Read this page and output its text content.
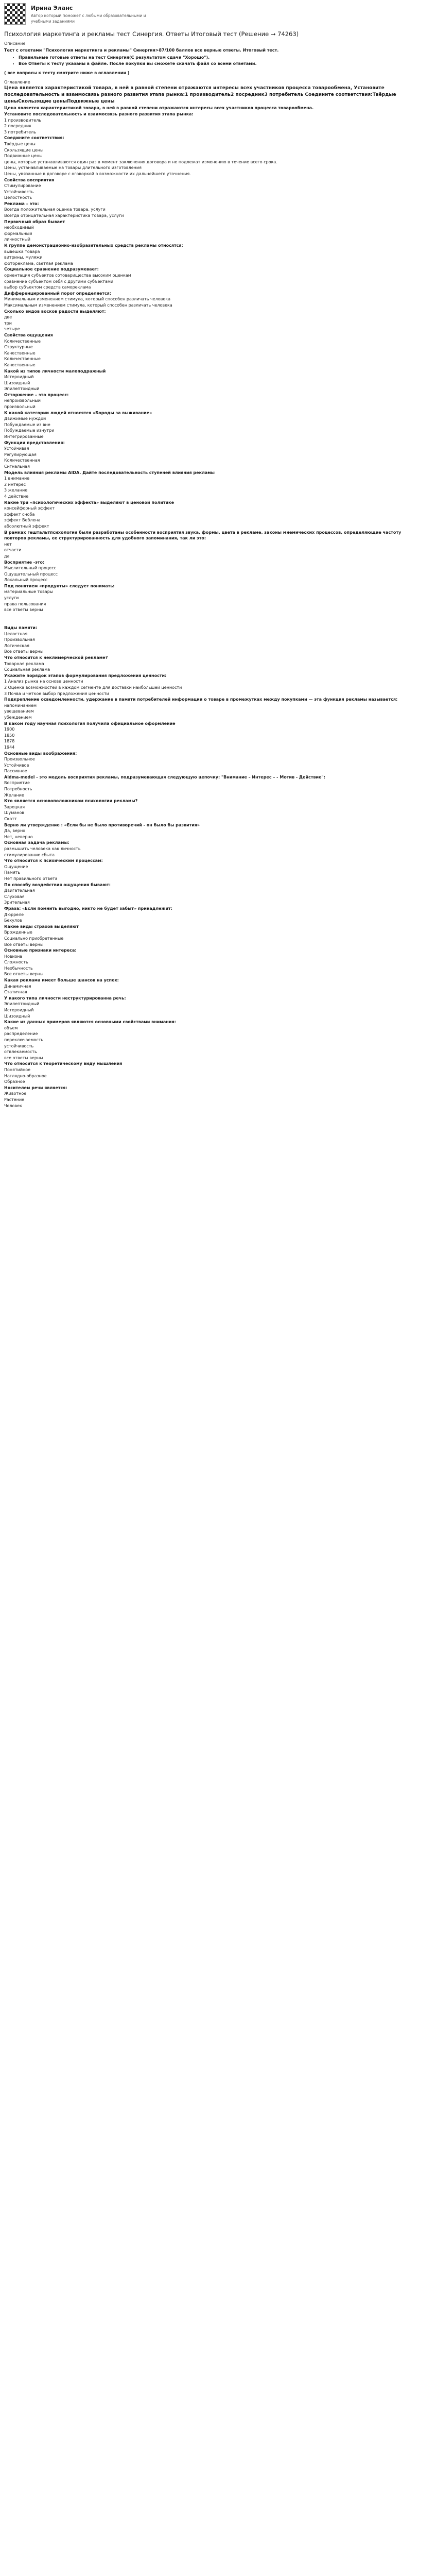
Ирина Эланс
Автор который поможет с любыми образовательными и учебными заданиями
Психология маркетинга и рекламы тест Синергия. Ответы Итоговый тест (Решение → 74263)
Описание
Тест с ответами "Психология маркетинга и рекламы" Синергия>87/100 баллов все верные ответы. Итоговый тест.
• Правильные готовые ответы на тест Синергия(С результатом сдачи "Хорошо").
• Все Ответы к тесту указаны в файле. После покупки вы сможете скачать файл со всеми ответами.
( все вопросы к тесту смотрите ниже в оглавлении )
Оглавление
Цена является характеристикой товара, в ней в равной степени отражаются интересы всех участников процесса товарообмена, Установите последовательность и взаимосвязь разного развития этапа рынка:1 производитель2 посредник3 потребитель Соедините соответствия:Твёрдые ценыСкользящие ценыПодвижные цены
Цена является характеристикой товара, в ней в равной степени отражаются интересы всех участников процесса товарообмена.
Установите последовательность и взаимосвязь разного развития этапа рынка:
1 производитель
2 посредник
3 потребитель
Соедините соответствия:
Твёрдые цены
Скользящие цены
Подвижные цены
цены, которые устанавливаются один раз в момент заключения договора и не подлежат изменению в течение всего срока.
Цены, устанавливаемые на товары длительного изготовления
Цены, увязанные в договоре с оговоркой о возможности их дальнейшего уточнения.
Свойства восприятия
Стимулирование
Устойчивость
Целостность
Реклама – это:
Всегда положительная оценка товара, услуги
Всегда отрицательная характеристика товара, услуги
Первичный образ бывает
необходимый
формальный
личностный
К группе демонстрационно-изобразительных средств рекламы относятся:
вывешка товара
витрины, муляжи
фотореклама, светлая реклама
Социальное сравнение подразумевает:
ориентация субъектов сотоварищества высоким оценкам
сравнение субъектом себя с другими субъектами
выбор субъектом средств самореклама
Дифференцированный порог определяется:
Минимальным изменением стимула, который способен различать человека
Максимальным изменением стимула, который способен различать человека
Сколько видов восков радости выделяют:
две
три
четыре
Свойства ощущения
Количественные
Структурные
Качественные
Количественные
Качественные
Какой из типов личности малоподражный
Истероидный
Шизоидный
Эпилептоидный
Отторжение – это процесс:
непроизвольный
произвольный
К какой категории людей относятся «Бороды за выживание»
Движимые нуждой
Побуждаемые из вне
Побуждаемые изнутри
Интегрированные
Функции представления:
Устойчивая
Регулирующая
Количественная
Сигнальная
Модель влияния рекламы AIDA. Дайте последовательность ступеней влияния рекламы
1 внимание
2 интерес
3 желание
4 действие
Какие три «психологических эффекта» выделяют в ценовой политике
консейфорный эффект
эффект сноба
эффект Веблена
абсолютный эффект
В рамках гештальтпсихологии были разработаны особенности восприятия звука, формы, цвета в рекламе, законы мнемических процессов, определяющие частоту повторов рекламы, ее структурированность для удобного запоминания, так ли это:
нет
отчасти
да
Восприятие -это:
Мыслительный процесс
Ощущательный процесс
Локальный процесс
Под понятием «продукты» следует понимать:
материальные товары
услуги
права пользования
все ответы верны

Виды памяти:
Целостная
Произвольная
Логическая
Все ответы верны
Что относится к неклимерческой рекламе?
Товарная реклама
Социальная реклама
Укажите порядок этапов формулирования предложения ценности:
1 Анализ рынка на основе ценности
2 Оценка возможностей в каждом сегменте для доставки наибольшей ценности
3 Почва и четкое выбор предложения ценности
Подкрепление осведомленности, удержание в памяти потребителей информации о товаре в промежутках между покупками — эта функция рекламы называется:
напоминанием
увещеванием
убеждением
В каком году научная психология получила официальное оформление
1900
1850
1878
1944
Основные виды воображения:
Произвольное
Устойчивое
Пассивное
Aidma-model - это модель восприятия рекламы, подразумевающая следующую цепочку: "Внимание – Интерес – - Мотив - Действие":
Восприятие
Потребность
Желание
Кто является основоположником психологии рекламы?
Зарецкая
Шуманов
Скотт
Верно ли утверждение : «Если бы не было противоречий - он было бы развития»
Да, верно
Нет, неверно
Основная задача рекламы:
размышить человека как личность
стимулирование сбыта
Что относится к психическим процессам:
Ощущение
Память
Нет правильного ответа
По способу воздействия ощущения бывают:
Двигательная
Слуховая
Зрительная
Фраза: «Если помнить выгодно, никто не будет забыт» принадлежит:
Дюрреле
Бехулов
Какие виды страхов выделяют
Врожденные
Социально приобретенные
Все ответы верны
Основные признаки интереса:
Новизна
Сложность
Необычность
Все ответы верны
Какая реклама имеет больше шансов на успех:
Динамичная
Статичная
У какого типа личности неструктурированна речь:
Эпилептоидный
Истероидный
Шизоидный
Какие из данных примеров являются основными свойствами внимания:
объем
распределение
переключаемость
устойчивость
отвлекаемость
все ответы верны
Что относится к теоретическому виду мышления
Понятийное
Наглядно-образное
Образное
Носителем речи является:
Животное
Растение
Человек
